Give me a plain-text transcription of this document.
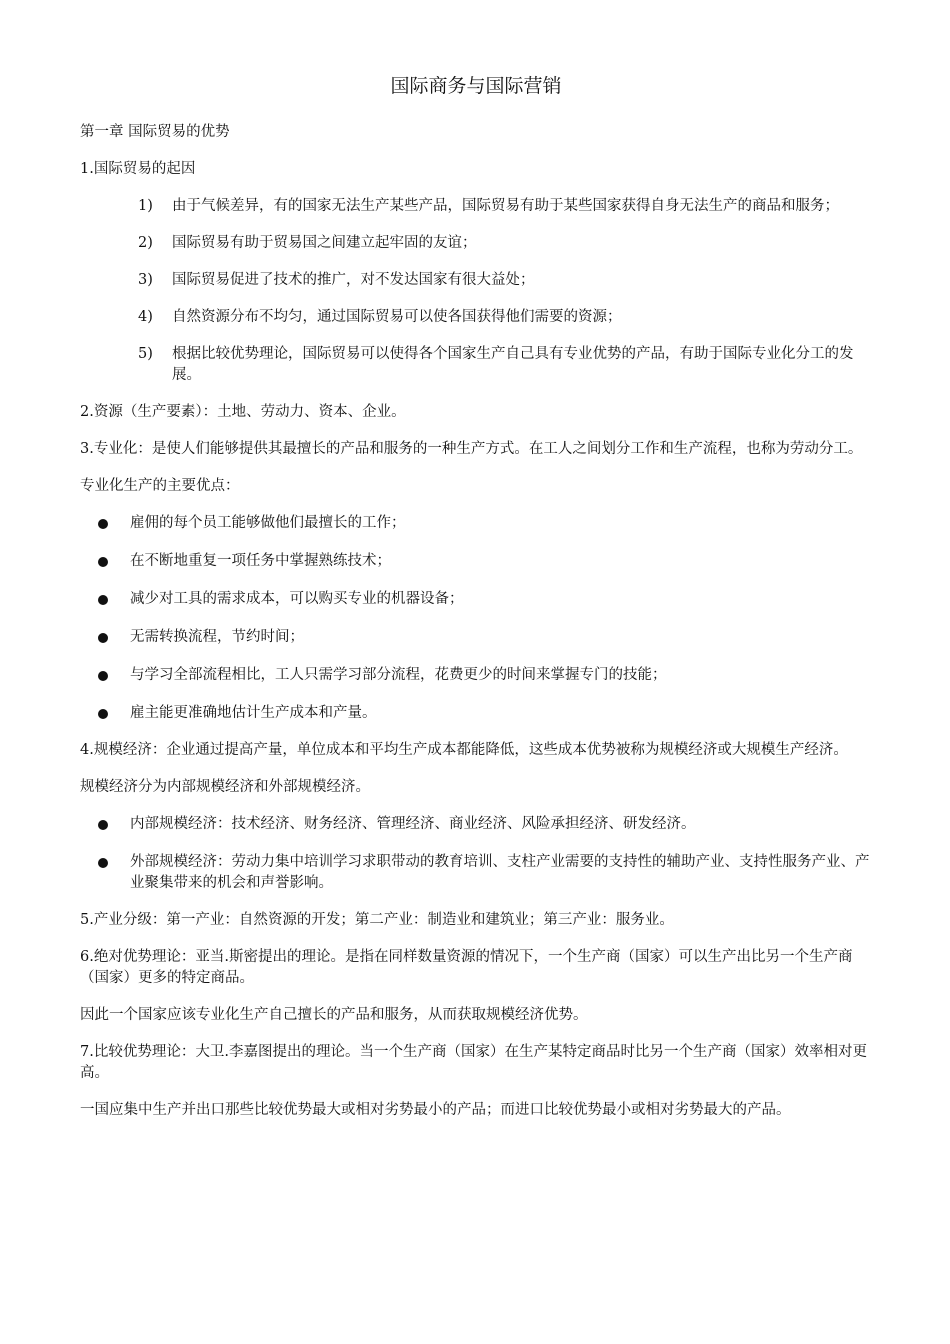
国际商务与国际营销

第一章 国际贸易的优势

1.国际贸易的起因

1) 由于气候差异，有的国家无法生产某些产品，国际贸易有助于某些国家获得自身无法生产的商品和服务；
2) 国际贸易有助于贸易国之间建立起牢固的友谊；
3) 国际贸易促进了技术的推广，对不发达国家有很大益处；
4) 自然资源分布不均匀，通过国际贸易可以使各国获得他们需要的资源；
5) 根据比较优势理论，国际贸易可以使得各个国家生产自己具有专业优势的产品，有助于国际专业化分工的发展。

2.资源（生产要素）：土地、劳动力、资本、企业。

3.专业化：是使人们能够提供其最擅长的产品和服务的一种生产方式。在工人之间划分工作和生产流程，也称为劳动分工。

专业化生产的主要优点：

雇佣的每个员工能够做他们最擅长的工作；
在不断地重复一项任务中掌握熟练技术；
减少对工具的需求成本，可以购买专业的机器设备；
无需转换流程，节约时间；
与学习全部流程相比，工人只需学习部分流程，花费更少的时间来掌握专门的技能；
雇主能更准确地估计生产成本和产量。

4.规模经济：企业通过提高产量，单位成本和平均生产成本都能降低，这些成本优势被称为规模经济或大规模生产经济。

规模经济分为内部规模经济和外部规模经济。

内部规模经济：技术经济、财务经济、管理经济、商业经济、风险承担经济、研发经济。
外部规模经济：劳动力集中培训学习求职带动的教育培训、支柱产业需要的支持性的辅助产业、支持性服务产业、产业聚集带来的机会和声誉影响。

5.产业分级：第一产业：自然资源的开发；第二产业：制造业和建筑业；第三产业：服务业。

6.绝对优势理论：亚当.斯密提出的理论。是指在同样数量资源的情况下，一个生产商（国家）可以生产出比另一个生产商（国家）更多的特定商品。

因此一个国家应该专业化生产自己擅长的产品和服务，从而获取规模经济优势。

7.比较优势理论：大卫.李嘉图提出的理论。当一个生产商（国家）在生产某特定商品时比另一个生产商（国家）效率相对更高。

一国应集中生产并出口那些比较优势最大或相对劣势最小的产品；而进口比较优势最小或相对劣势最大的产品。
